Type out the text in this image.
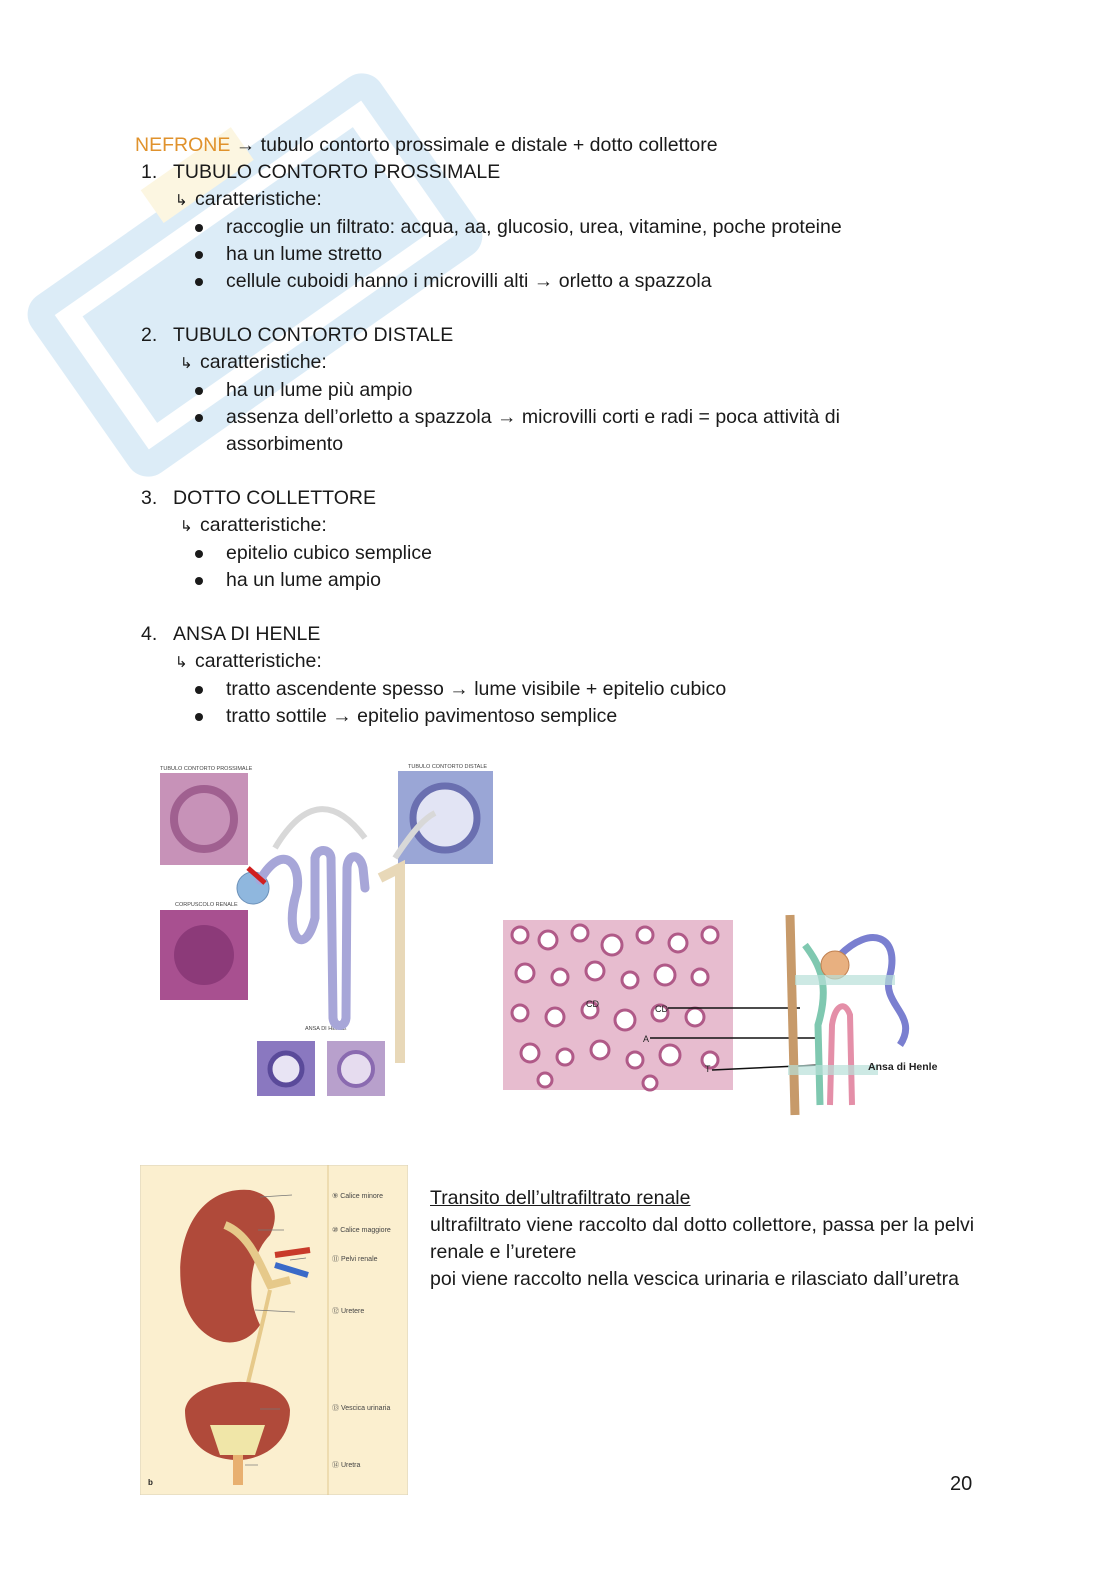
NEFRONE → tubulo contorto prossimale e distale + dotto collettore
1. TUBULO CONTORTO PROSSIMALE
↳ caratteristiche:
raccoglie un filtrato: acqua, aa, glucosio, urea, vitamine, poche proteine
ha un lume stretto
cellule cuboidi hanno i microvilli alti → orletto a spazzola
2. TUBULO CONTORTO DISTALE
↳ caratteristiche:
ha un lume più ampio
assenza dell’orletto a spazzola → microvilli corti e radi = poca attività di assorbimento
3. DOTTO COLLETTORE
↳ caratteristiche:
epitelio cubico semplice
ha un lume ampio
4. ANSA DI HENLE
↳ caratteristiche:
tratto ascendente spesso → lume visibile + epitelio cubico
tratto sottile → epitelio pavimentoso semplice
TUBULO CONTORTO PROSSIMALE	TUBULO CONTORTO DISTALE
CORPUSCOLO RENALE
ANSA DI HENLE
CD	CD
A
T	Ansa di Henle
⑨ Calice minore
⑩ Calice maggiore
⑪ Pelvi renale
⑫ Uretere
⑬ Vescica urinaria
⑭ Uretra
b
Transito dell’ultrafiltrato renale
ultrafiltrato viene raccolto dal dotto collettore, passa per la pelvi renale e l’uretere
poi viene raccolto nella vescica urinaria e rilasciato dall’uretra
20
